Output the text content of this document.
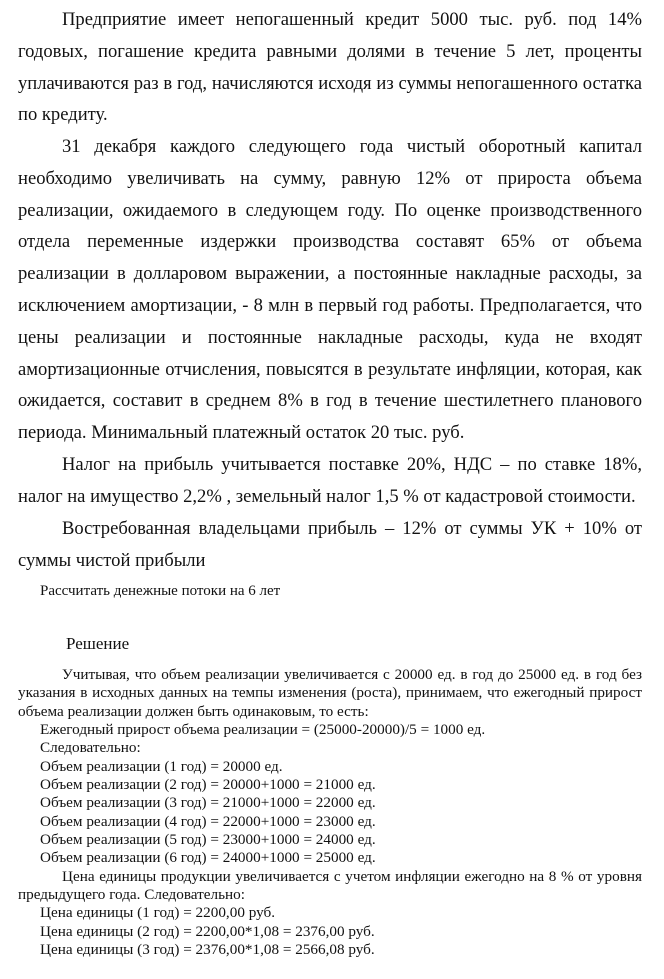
Предприятие имеет непогашенный кредит 5000 тыс. руб. под 14% годовых, погашение кредита равными долями в течение 5 лет, проценты уплачиваются раз в год, начисляются исходя из суммы непогашенного остатка по кредиту.

31 декабря каждого следующего года чистый оборотный капитал необходимо увеличивать на сумму, равную 12% от прироста объема реализации, ожидаемого в следующем году. По оценке производственного отдела переменные издержки производства составят 65% от объема реализации в долларовом выражении, а постоянные накладные расходы, за исключением амортизации, - 8 млн в первый год работы. Предполагается, что цены реализации и постоянные накладные расходы, куда не входят амортизационные отчисления, повысятся в результате инфляции, которая, как ожидается, составит в среднем 8% в год в течение шестилетнего планового периода. Минимальный платежный остаток 20 тыс. руб.

Налог на прибыль учитывается поставке 20%, НДС – по ставке 18%, налог на имущество 2,2% , земельный налог 1,5 % от кадастровой стоимости.

Востребованная владельцами прибыль – 12% от суммы УК + 10% от суммы чистой прибыли

Рассчитать денежные потоки на 6 лет
Решение

Учитывая, что объем реализации увеличивается с 20000 ед. в год до 25000 ед. в год без указания в исходных данных на темпы изменения (роста), принимаем, что ежегодный прирост объема реализации должен быть одинаковым, то есть:

Ежегодный прирост объема реализации = (25000-20000)/5 = 1000 ед.

Следовательно:

Объем реализации (1 год) = 20000 ед.

Объем реализации (2 год) = 20000+1000 = 21000 ед.

Объем реализации (3 год) = 21000+1000 = 22000 ед.

Объем реализации (4 год) = 22000+1000 = 23000 ед.

Объем реализации (5 год) = 23000+1000 = 24000 ед.

Объем реализации (6 год) = 24000+1000 = 25000 ед.

Цена единицы продукции увеличивается с учетом инфляции ежегодно на 8 % от уровня предыдущего года. Следовательно:

Цена единицы (1 год) = 2200,00 руб.

Цена единицы (2 год) = 2200,00*1,08 = 2376,00 руб.

Цена единицы (3 год) = 2376,00*1,08 = 2566,08 руб.
